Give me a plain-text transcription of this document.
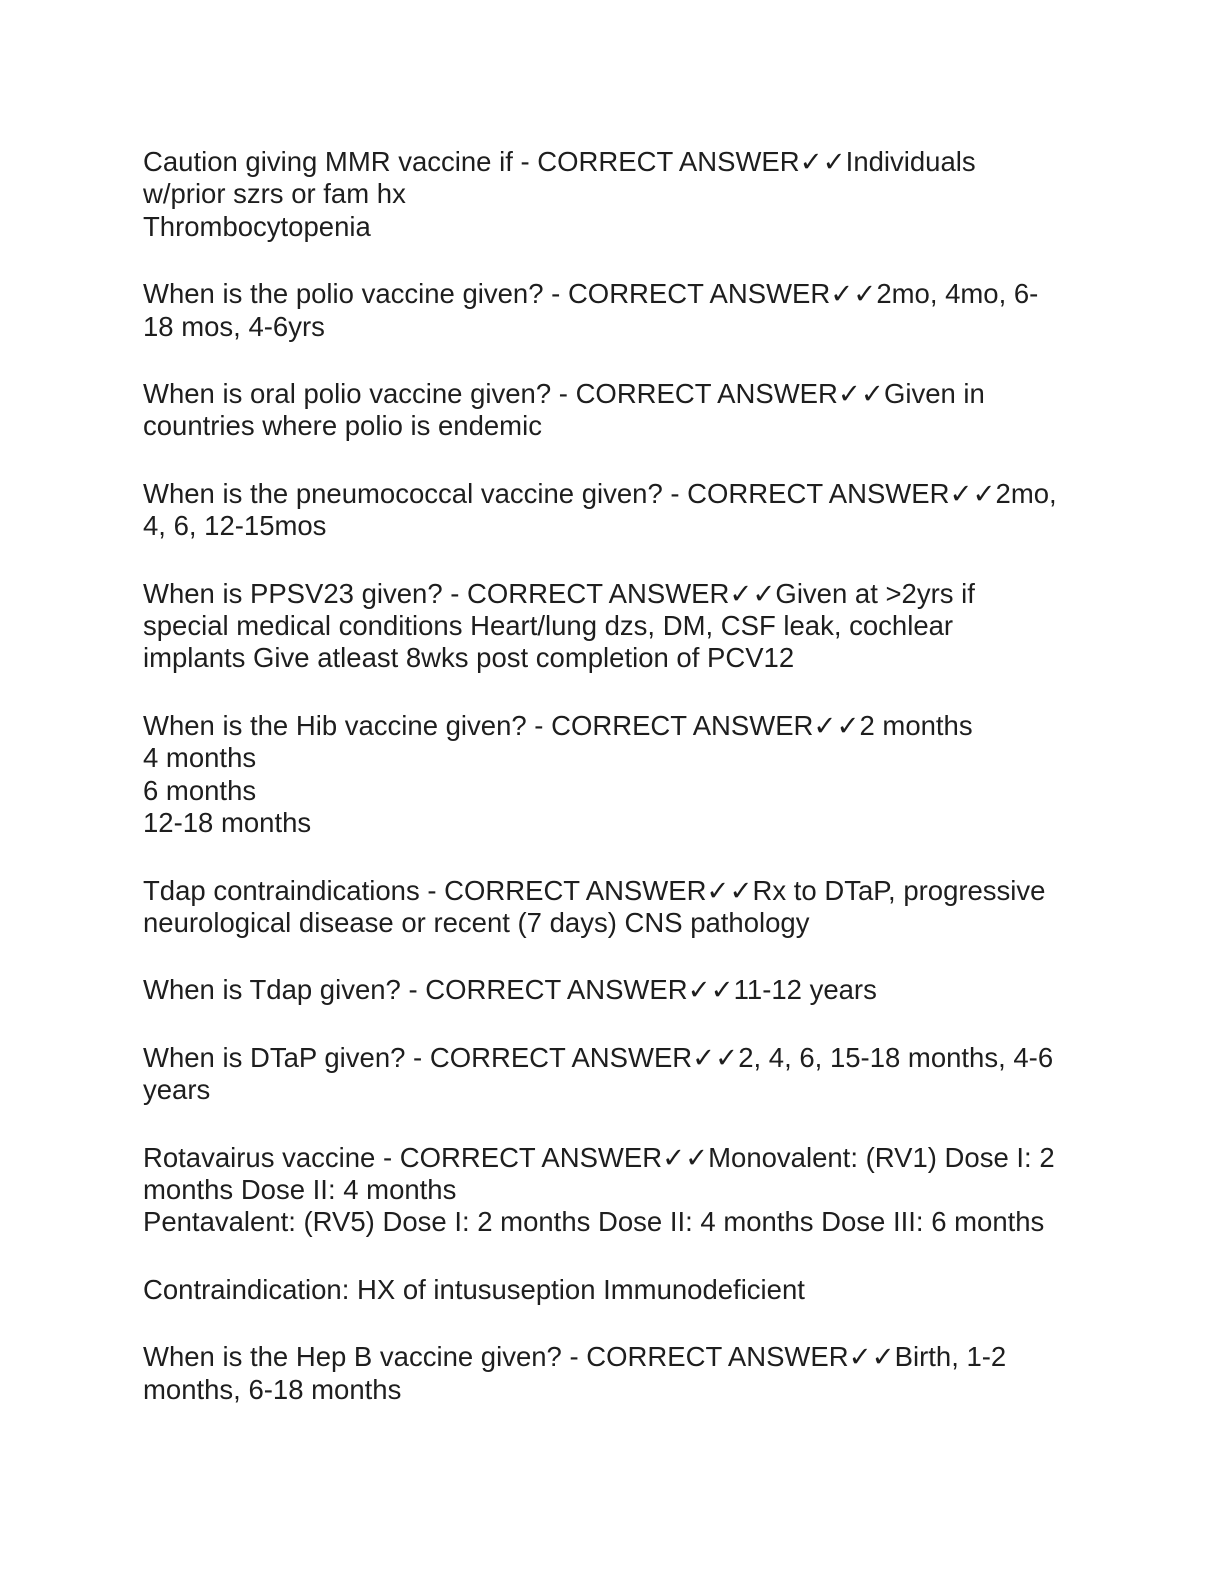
Caution giving MMR vaccine if - CORRECT ANSWER✓✓Individuals
w/prior szrs or fam hx
Thrombocytopenia
When is the polio vaccine given? - CORRECT ANSWER✓✓2mo, 4mo, 6-
18 mos, 4-6yrs
When is oral polio vaccine given? - CORRECT ANSWER✓✓Given in
countries where polio is endemic
When is the pneumococcal vaccine given? - CORRECT ANSWER✓✓2mo,
4, 6, 12-15mos
When is PPSV23 given? - CORRECT ANSWER✓✓Given at >2yrs if
special medical conditions Heart/lung dzs, DM, CSF leak, cochlear
implants Give atleast 8wks post completion of PCV12
When is the Hib vaccine given? - CORRECT ANSWER✓✓2 months
4 months
6 months
12-18 months
Tdap contraindications - CORRECT ANSWER✓✓Rx to DTaP, progressive
neurological disease or recent (7 days) CNS pathology
When is Tdap given? - CORRECT ANSWER✓✓11-12 years
When is DTaP given? - CORRECT ANSWER✓✓2, 4, 6, 15-18 months, 4-6
years
Rotavairus vaccine - CORRECT ANSWER✓✓Monovalent: (RV1) Dose I: 2
months Dose II: 4 months
Pentavalent: (RV5) Dose I: 2 months Dose II: 4 months Dose III: 6 months
Contraindication: HX of intususeption Immunodeficient
When is the Hep B vaccine given? - CORRECT ANSWER✓✓Birth, 1-2
months, 6-18 months
